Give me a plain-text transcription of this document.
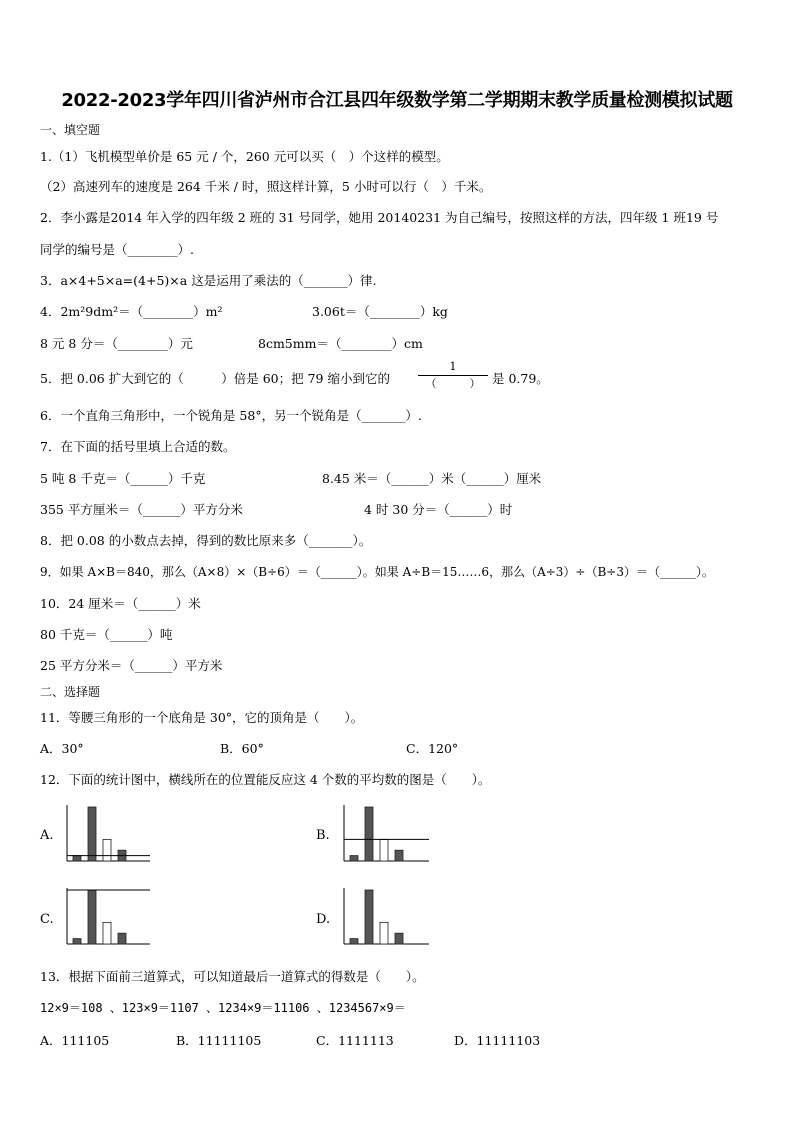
2022-2023学年四川省泸州市合江县四年级数学第二学期期末教学质量检测模拟试题
一、填空题
1.（1）飞机模型单价是 65 元 / 个，260 元可以买（　）个这样的模型。
（2）高速列车的速度是 264 千米 / 时，照这样计算，5 小时可以行（　）千米。
2．李小露是2014 年入学的四年级 2 班的 31 号同学，她用 20140231 为自己编号，按照这样的方法，四年级 1 班19 号
同学的编号是（________）.
3．a×4+5×a=(4+5)×a 这是运用了乘法的（_______）律.
4．2m²9dm²＝（________）m²	3.06t＝（________）kg
8 元 8 分＝（________）元	8cm5mm＝（________）cm
5．把 0.06 扩大到它的（　　　）倍是 60；把 79 缩小到它的
1
（　　　） 是 0.79。
6．一个直角三角形中，一个锐角是 58°，另一个锐角是（_______）.
7．在下面的括号里填上合适的数。
5 吨 8 千克＝（______）千克	8.45 米＝（______）米（______）厘米
355 平方厘米＝（______）平方分米	4 时 30 分＝（______）时
8．把 0.08 的小数点去掉，得到的数比原来多（_______）。
9．如果 A×B＝840，那么（A×8）×（B÷6）＝（______）。如果 A÷B＝15……6，那么（A÷3）÷（B÷3）＝（______）。
10．24 厘米＝（______）米
80 千克＝（______）吨
25 平方分米＝（______）平方米
二、选择题
11．等腰三角形的一个底角是 30°，它的顶角是（　　）。
A．30°	B．60°	C．120°
12．下面的统计图中，横线所在的位置能反应这 4 个数的平均数的图是（　　）。
A.	B.
C.	D.
13．根据下面前三道算式，可以知道最后一道算式的得数是（　　）。
12×9＝108 、123×9＝1107 、1234×9＝11106 、1234567×9＝
A．111105	B．11111105	C．1111113	D．11111103
